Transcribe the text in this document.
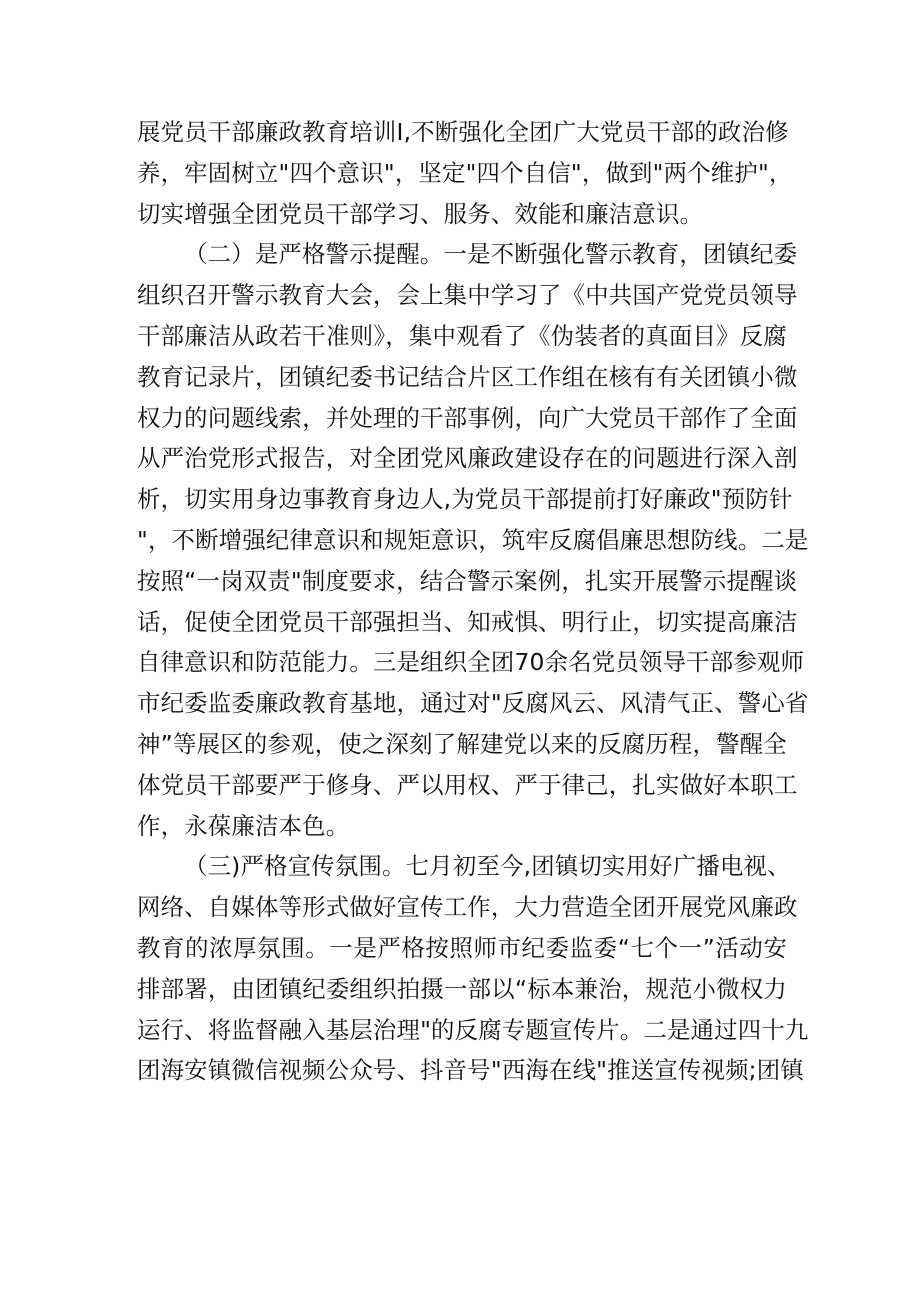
展党员干部廉政教育培训I,不断强化全团广大党员干部的政治修
养，牢固树立"四个意识"，坚定"四个自信"，做到"两个维护"，
切实增强全团党员干部学习、服务、效能和廉洁意识。
（二）是严格警示提醒。一是不断强化警示教育，团镇纪委
组织召开警示教育大会，会上集中学习了《中共国产党党员领导
干部廉洁从政若干准则》，集中观看了《伪装者的真面目》反腐
教育记录片，团镇纪委书记结合片区工作组在核有有关团镇小微
权力的问题线索，并处理的干部事例，向广大党员干部作了全面
从严治党形式报告，对全团党风廉政建设存在的问题进行深入剖
析，切实用身边事教育身边人,为党员干部提前打好廉政"预防针
"，不断增强纪律意识和规矩意识，筑牢反腐倡廉思想防线。二是
按照“一岗双责"制度要求，结合警示案例，扎实开展警示提醒谈
话，促使全团党员干部强担当、知戒惧、明行止，切实提高廉洁
自律意识和防范能力。三是组织全团70余名党员领导干部参观师
市纪委监委廉政教育基地，通过对"反腐风云、风清气正、警心省
神”等展区的参观，使之深刻了解建党以来的反腐历程，警醒全
体党员干部要严于修身、严以用权、严于律己，扎实做好本职工
作，永葆廉洁本色。
（三)严格宣传氛围。七月初至今,团镇切实用好广播电视、
网络、自媒体等形式做好宣传工作，大力营造全团开展党风廉政
教育的浓厚氛围。一是严格按照师市纪委监委“七个一”活动安
排部署，由团镇纪委组织拍摄一部以“标本兼治，规范小微权力
运行、将监督融入基层治理"的反腐专题宣传片。二是通过四十九
团海安镇微信视频公众号、抖音号"西海在线"推送宣传视频;团镇
